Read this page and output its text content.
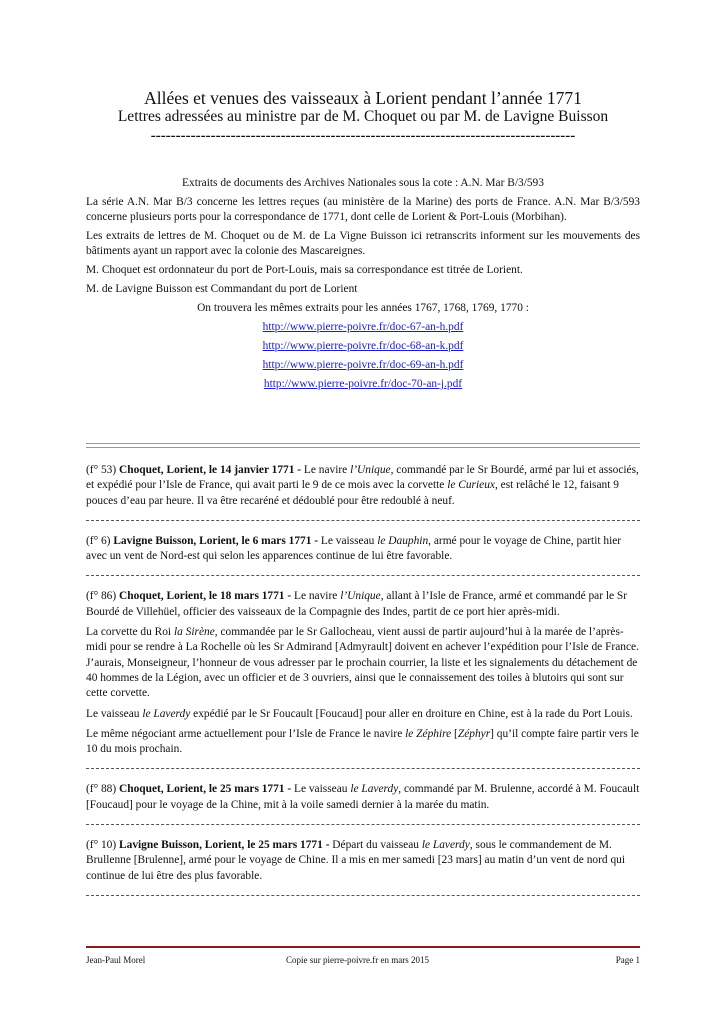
Allées et venues des vaisseaux à Lorient pendant l’année 1771
Lettres adressées au ministre par de M. Choquet ou par M. de Lavigne Buisson
-------------------------------------------------------------------------------------

Extraits de documents des Archives Nationales sous la cote : A.N. Mar B/3/593

La série A.N. Mar B/3 concerne les lettres reçues (au ministère de la Marine) des ports de France. A.N. Mar B/3/593 concerne plusieurs ports pour la correspondance de 1771, dont celle de Lorient & Port-Louis (Morbihan).

Les extraits de lettres de M. Choquet ou de M. de La Vigne Buisson ici retranscrits informent sur les mouvements des bâtiments ayant un rapport avec la colonie des Mascareignes.

M. Choquet est ordonnateur du port de Port-Louis, mais sa correspondance est titrée de Lorient.

M. de Lavigne Buisson est Commandant du port de Lorient

On trouvera les mêmes extraits pour les années 1767, 1768, 1769, 1770 :

http://www.pierre-poivre.fr/doc-67-an-h.pdf
http://www.pierre-poivre.fr/doc-68-an-k.pdf
http://www.pierre-poivre.fr/doc-69-an-h.pdf
http://www.pierre-poivre.fr/doc-70-an-j.pdf

(f° 53) Choquet, Lorient, le 14 janvier 1771 - Le navire l’Unique, commandé par le Sr Bourdé, armé par lui et associés, et expédié pour l’Isle de France, qui avait parti le 9 de ce mois avec la corvette le Curieux, est relâché le 12, faisant 9 pouces d’eau par heure. Il va être recaréné et dédoublé pour être redoublé à neuf.

(f° 6) Lavigne Buisson, Lorient, le 6 mars 1771 - Le vaisseau le Dauphin, armé pour le voyage de Chine, partit hier avec un vent de Nord-est qui selon les apparences continue de lui être favorable.

(f° 86) Choquet, Lorient, le 18 mars 1771 - Le navire l’Unique, allant à l’Isle de France, armé et commandé par le Sr Bourdé de Villehüel, officier des vaisseaux de la Compagnie des Indes, partit de ce port hier après-midi.

La corvette du Roi la Sirène, commandée par le Sr Gallocheau, vient aussi de partir aujourd’hui à la marée de l’après-midi pour se rendre à La Rochelle où les Sr Admirand [Admyrault] doivent en achever l’expédition pour l’Isle de France. J’aurais, Monseigneur, l’honneur de vous adresser par le prochain courrier, la liste et les signalements du détachement de 40 hommes de la Légion, avec un officier et de 3 ouvriers, ainsi que le connaissement des toiles à blutoirs qui sont sur cette corvette.

Le vaisseau le Laverdy expédié par le Sr Foucault [Foucaud] pour aller en droiture en Chine, est à la rade du Port Louis.

Le même négociant arme actuellement pour l’Isle de France le navire le Zéphire [Zéphyr] qu’il compte faire partir vers le 10 du mois prochain.

(f° 88) Choquet, Lorient, le 25 mars 1771 - Le vaisseau le Laverdy, commandé par M. Brulenne, accordé à M. Foucault [Foucaud] pour le voyage de la Chine, mit à la voile samedi dernier à la marée du matin.

(f° 10) Lavigne Buisson, Lorient, le 25 mars 1771 - Départ du vaisseau le Laverdy, sous le commandement de M. Brullenne [Brulenne], armé pour le voyage de Chine. Il a mis en mer samedi [23 mars] au matin d’un vent de nord qui continue de lui être des plus favorable.

Jean-Paul Morel	Copie sur pierre-poivre.fr en mars 2015	Page 1
